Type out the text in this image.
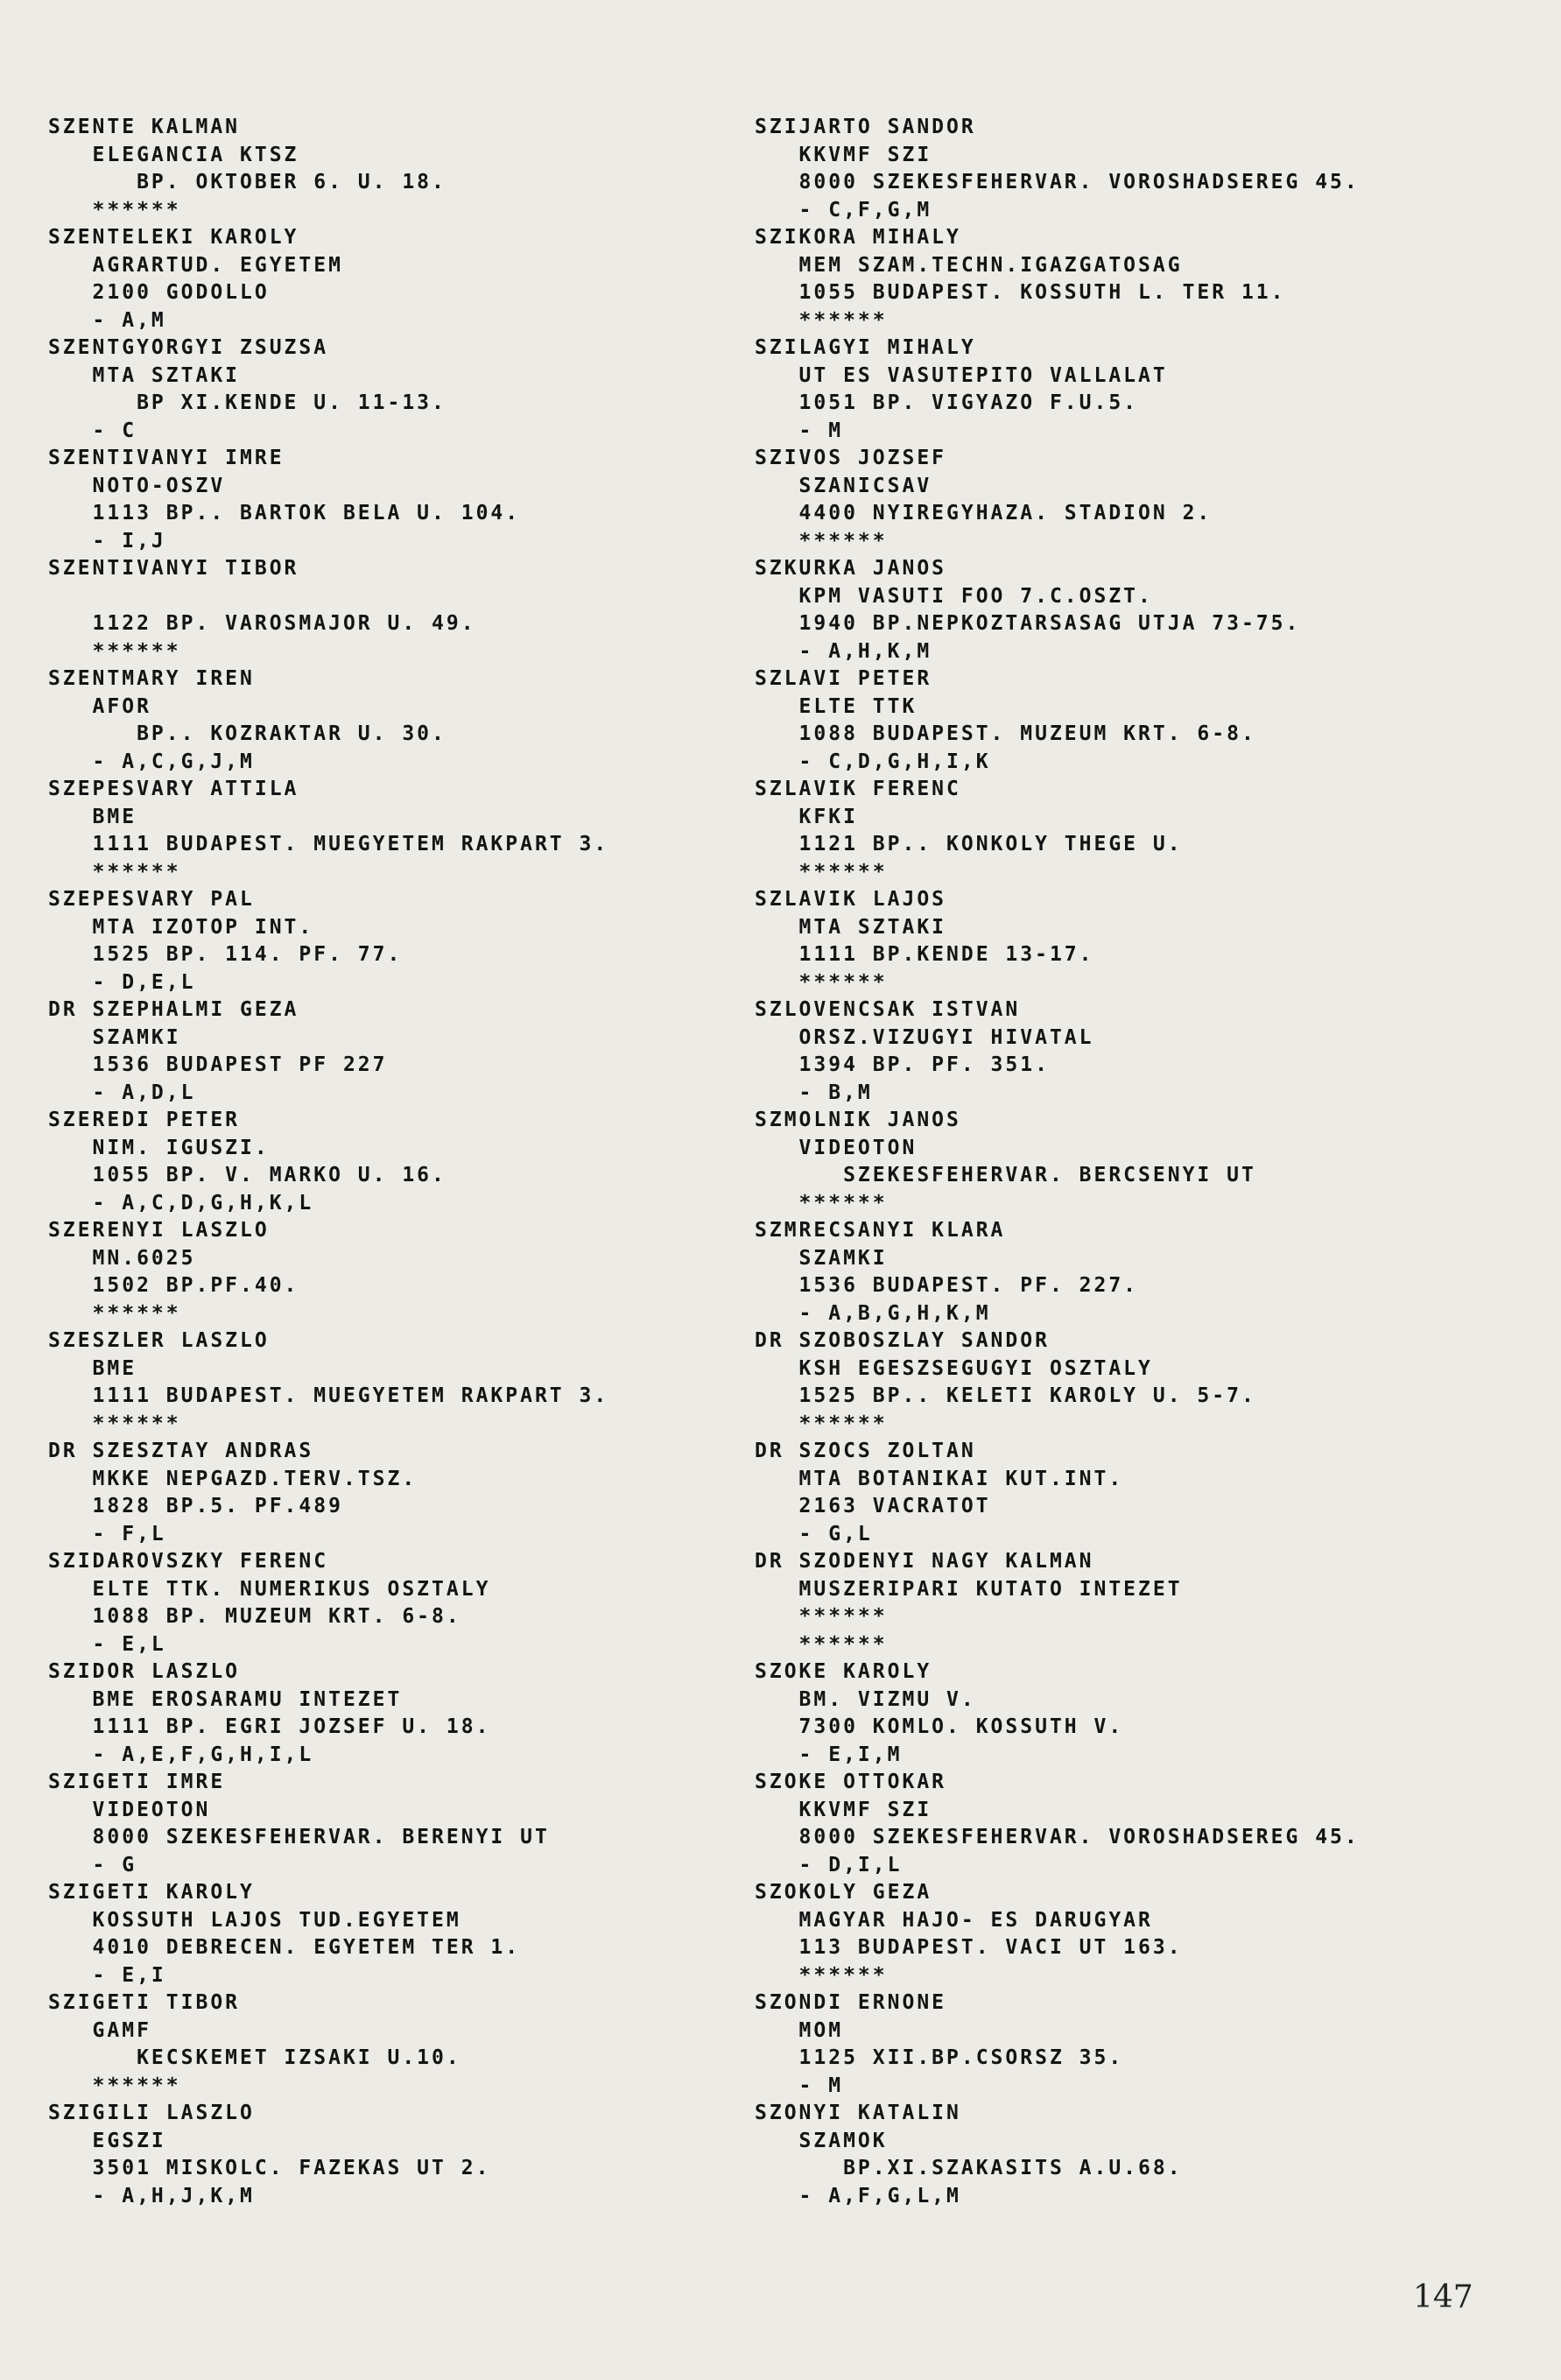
SZENTE KALMAN
ELEGANCIA KTSZ
BP. OKTOBER 6. U. 18.
******
SZENTELEKI KAROLY
AGRARTUD. EGYETEM
2100 GODOLLO
- A,M
SZENTGYORGYI ZSUZSA
MTA SZTAKI
BP XI.KENDE U. 11-13.
- C
SZENTIVANYI IMRE
NOTO-OSZV
1113 BP.. BARTOK BELA U. 104.
- I,J
SZENTIVANYI TIBOR
1122 BP. VAROSMAJOR U. 49.
******
SZENTMARY IREN
AFOR
BP.. KOZRAKTAR U. 30.
- A,C,G,J,M
SZEPESVARY ATTILA
BME
1111 BUDAPEST. MUEGYETEM RAKPART 3.
******
SZEPESVARY PAL
MTA IZOTOP INT.
1525 BP. 114. PF. 77.
- D,E,L
DR SZEPHALMI GEZA
SZAMKI
1536 BUDAPEST PF 227
- A,D,L
SZEREDI PETER
NIM. IGUSZI.
1055 BP. V. MARKO U. 16.
- A,C,D,G,H,K,L
SZERENYI LASZLO
MN.6025
1502 BP.PF.40.
******
SZESZLER LASZLO
BME
1111 BUDAPEST. MUEGYETEM RAKPART 3.
******
DR SZESZTAY ANDRAS
MKKE NEPGAZD.TERV.TSZ.
1828 BP.5. PF.489
- F,L
SZIDAROVSZKY FERENC
ELTE TTK. NUMERIKUS OSZTALY
1088 BP. MUZEUM KRT. 6-8.
- E,L
SZIDOR LASZLO
BME EROSARAMU INTEZET
1111 BP. EGRI JOZSEF U. 18.
- A,E,F,G,H,I,L
SZIGETI IMRE
VIDEOTON
8000 SZEKESFEHERVAR. BERENYI UT
- G
SZIGETI KAROLY
KOSSUTH LAJOS TUD.EGYETEM
4010 DEBRECEN. EGYETEM TER 1.
- E,I
SZIGETI TIBOR
GAMF
KECSKEMET IZSAKI U.10.
******
SZIGILI LASZLO
EGSZI
3501 MISKOLC. FAZEKAS UT 2.
- A,H,J,K,M
SZIJARTO SANDOR
KKVMF SZI
8000 SZEKESFEHERVAR. VOROSHADSEREG 45.
- C,F,G,M
SZIKORA MIHALY
MEM SZAM.TECHN.IGAZGATOSAG
1055 BUDAPEST. KOSSUTH L. TER 11.
******
SZILAGYI MIHALY
UT ES VASUTEPITO VALLALAT
1051 BP. VIGYAZO F.U.5.
- M
SZIVOS JOZSEF
SZANICSAV
4400 NYIREGYHAZA. STADION 2.
******
SZKURKA JANOS
KPM VASUTI FOO 7.C.OSZT.
1940 BP.NEPKOZTARSASAG UTJA 73-75.
- A,H,K,M
SZLAVI PETER
ELTE TTK
1088 BUDAPEST. MUZEUM KRT. 6-8.
- C,D,G,H,I,K
SZLAVIK FERENC
KFKI
1121 BP.. KONKOLY THEGE U.
******
SZLAVIK LAJOS
MTA SZTAKI
1111 BP.KENDE 13-17.
******
SZLOVENCSAK ISTVAN
ORSZ.VIZUGYI HIVATAL
1394 BP. PF. 351.
- B,M
SZMOLNIK JANOS
VIDEOTON
SZEKESFEHERVAR. BERCSENYI UT
******
SZMRECSANYI KLARA
SZAMKI
1536 BUDAPEST. PF. 227.
- A,B,G,H,K,M
DR SZOBOSZLAY SANDOR
KSH EGESZSEGUGYI OSZTALY
1525 BP.. KELETI KAROLY U. 5-7.
******
DR SZOCS ZOLTAN
MTA BOTANIKAI KUT.INT.
2163 VACRATOT
- G,L
DR SZODENYI NAGY KALMAN
MUSZERIPARI KUTATO INTEZET
******
******
SZOKE KAROLY
BM. VIZMU V.
7300 KOMLO. KOSSUTH V.
- E,I,M
SZOKE OTTOKAR
KKVMF SZI
8000 SZEKESFEHERVAR. VOROSHADSEREG 45.
- D,I,L
SZOKOLY GEZA
MAGYAR HAJO- ES DARUGYAR
113 BUDAPEST. VACI UT 163.
******
SZONDI ERNONE
MOM
1125 XII.BP.CSORSZ 35.
- M
SZONYI KATALIN
SZAMOK
BP.XI.SZAKASITS A.U.68.
- A,F,G,L,M
147
